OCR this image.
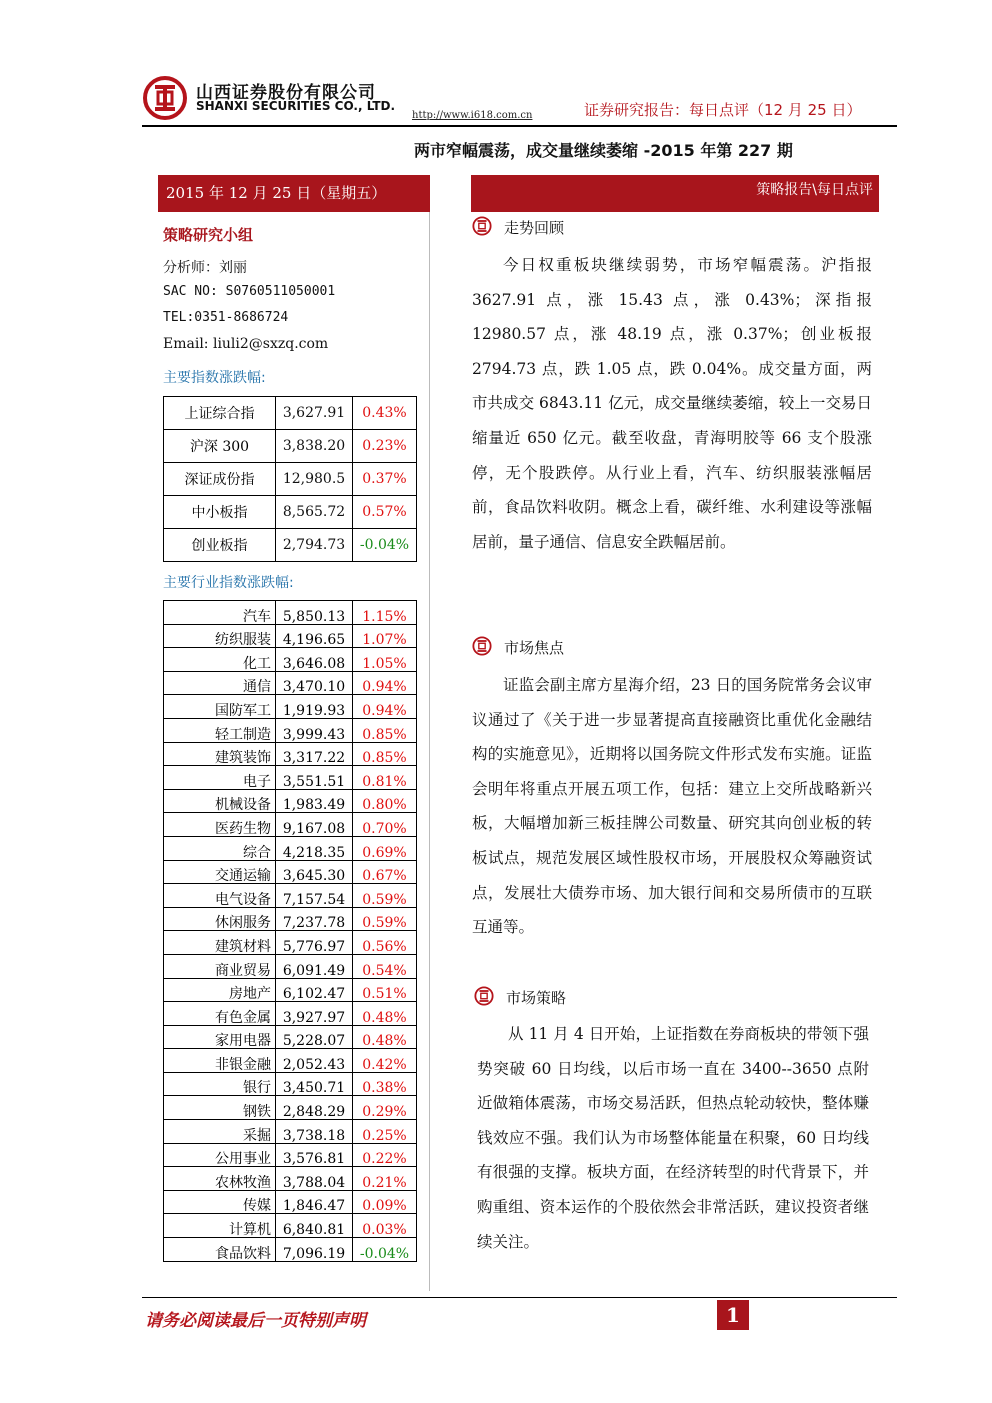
山西证券股份有限公司
SHANXI SECURITIES CO., LTD.
http://www.i618.com.cn	证券研究报告：每日点评（12 月 25 日）
两市窄幅震荡，成交量继续萎缩 -2015 年第 227 期
2015 年 12 月 25 日（星期五）
策略研究小组
分析师：刘丽
SAC NO: S0760511050001
TEL:0351-8686724
Email: liuli2@sxzq.com
主要指数涨跌幅:
上证综合指	3,627.91	0.43%
沪深 300	3,838.20	0.23%
深证成份指	12,980.5	0.37%
中小板指	8,565.72	0.57%
创业板指	2,794.73	-0.04%
主要行业指数涨跌幅:
汽车	5,850.13	1.15%
纺织服装	4,196.65	1.07%
化工	3,646.08	1.05%
通信	3,470.10	0.94%
国防军工	1,919.93	0.94%
轻工制造	3,999.43	0.85%
建筑装饰	3,317.22	0.85%
电子	3,551.51	0.81%
机械设备	1,983.49	0.80%
医药生物	9,167.08	0.70%
综合	4,218.35	0.69%
交通运输	3,645.30	0.67%
电气设备	7,157.54	0.59%
休闲服务	7,237.78	0.59%
建筑材料	5,776.97	0.56%
商业贸易	6,091.49	0.54%
房地产	6,102.47	0.51%
有色金属	3,927.97	0.48%
家用电器	5,228.07	0.48%
非银金融	2,052.43	0.42%
银行	3,450.71	0.38%
钢铁	2,848.29	0.29%
采掘	3,738.18	0.25%
公用事业	3,576.81	0.22%
农林牧渔	3,788.04	0.21%
传媒	1,846.47	0.09%
计算机	6,840.81	0.03%
食品饮料	7,096.19	-0.04%
策略报告\每日点评
走势回顾

今日权重板块继续弱势，市场窄幅震荡。沪指报 3627.91 点，涨 15.43 点，涨 0.43%；深指报 12980.57 点，涨 48.19 点，涨 0.37%；创业板报 2794.73 点，跌 1.05 点，跌 0.04%。成交量方面，两市共成交 6843.11 亿元，成交量继续萎缩，较上一交易日缩量近 650 亿元。截至收盘，青海明胶等 66 支个股涨停，无个股跌停。从行业上看，汽车、纺织服装涨幅居前，食品饮料收阴。概念上看，碳纤维、水利建设等涨幅居前，量子通信、信息安全跌幅居前。

市场焦点

证监会副主席方星海介绍，23 日的国务院常务会议审议通过了《关于进一步显著提高直接融资比重优化金融结构的实施意见》，近期将以国务院文件形式发布实施。证监会明年将重点开展五项工作，包括：建立上交所战略新兴板，大幅增加新三板挂牌公司数量、研究其向创业板的转板试点，规范发展区域性股权市场，开展股权众筹融资试点，发展壮大债券市场、加大银行间和交易所债市的互联互通等。

市场策略

从 11 月 4 日开始，上证指数在券商板块的带领下强势突破 60 日均线，以后市场一直在 3400--3650 点附近做箱体震荡，市场交易活跃，但热点轮动较快，整体赚钱效应不强。我们认为市场整体能量在积聚，60 日均线有很强的支撑。板块方面，在经济转型的时代背景下，并购重组、资本运作的个股依然会非常活跃，建议投资者继续关注。

请务必阅读最后一页特别声明	1
